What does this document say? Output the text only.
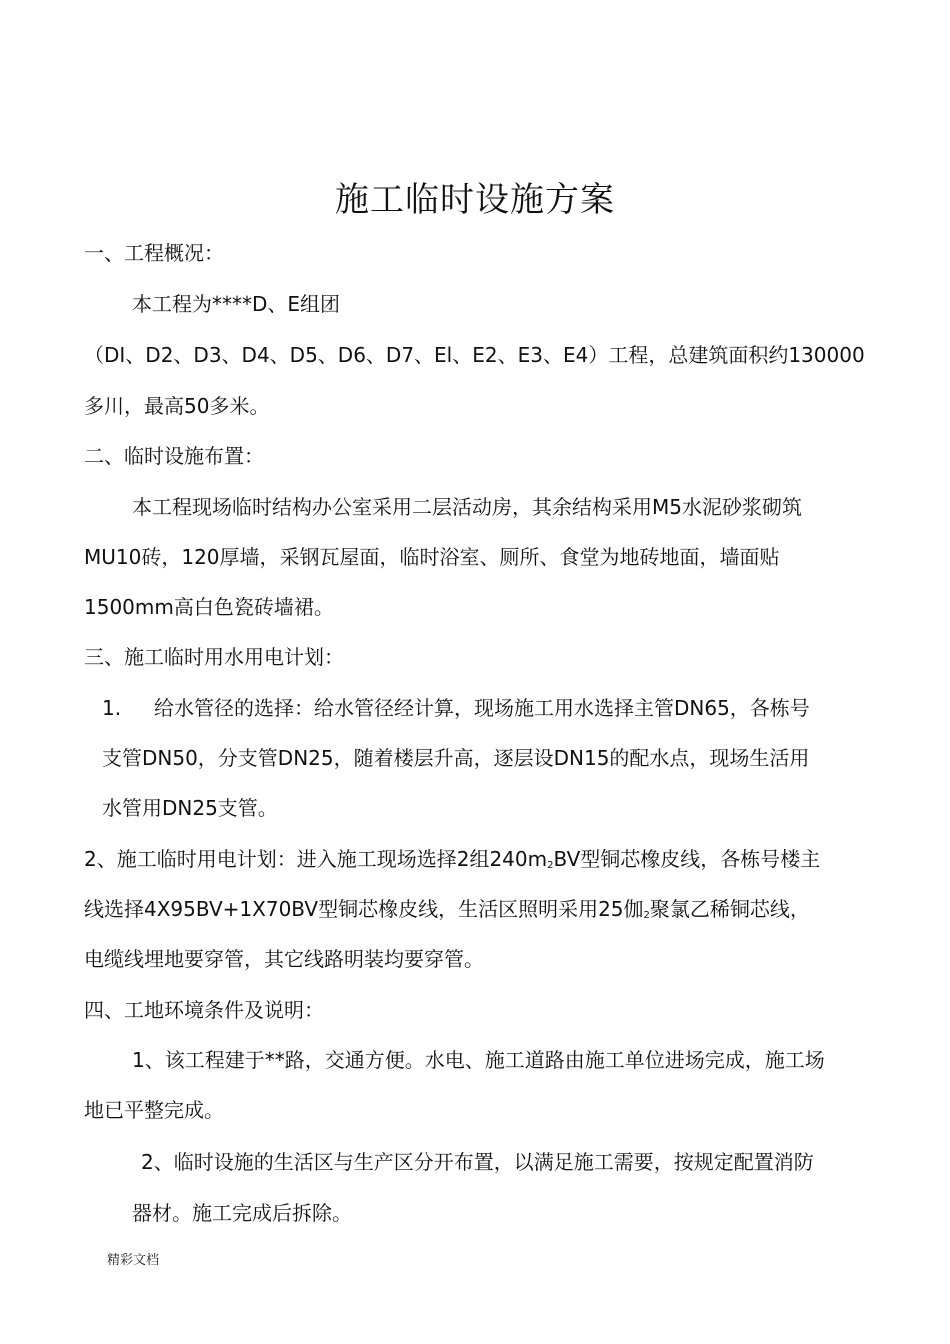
施工临时设施方案
一、工程概况：
本工程为****D、E组团
（DI、D2、D3、D4、D5、D6、D7、El、E2、E3、E4）工程，总建筑面积约130000
多川，最高50多米。
二、临时设施布置：
本工程现场临时结构办公室采用二层活动房，其余结构采用M5水泥砂浆砌筑
MU10砖，120厚墙，采钢瓦屋面，临时浴室、厕所、食堂为地砖地面，墙面贴
1500mm高白色瓷砖墙裙。
三、施工临时用水用电计划：
1. 给水管径的选择：给水管径经计算，现场施工用水选择主管DN65，各栋号
支管DN50，分支管DN25，随着楼层升高，逐层设DN15的配水点，现场生活用
水管用DN25支管。
2、施工临时用电计划：进入施工现场选择2组$240m_2BV$型铜芯橡皮线，各栋号楼主
线选择4X95BV+1X70BV型铜芯橡皮线，生活区照明采用25伽$_2$聚氯乙稀铜芯线，
电缆线埋地要穿管，其它线路明装均要穿管。
四、工地环境条件及说明：
1、该工程建于**路，交通方便。水电、施工道路由施工单位进场完成，施工场
地已平整完成。
2、临时设施的生活区与生产区分开布置，以满足施工需要，按规定配置消防
器材。施工完成后拆除。
精彩文档
